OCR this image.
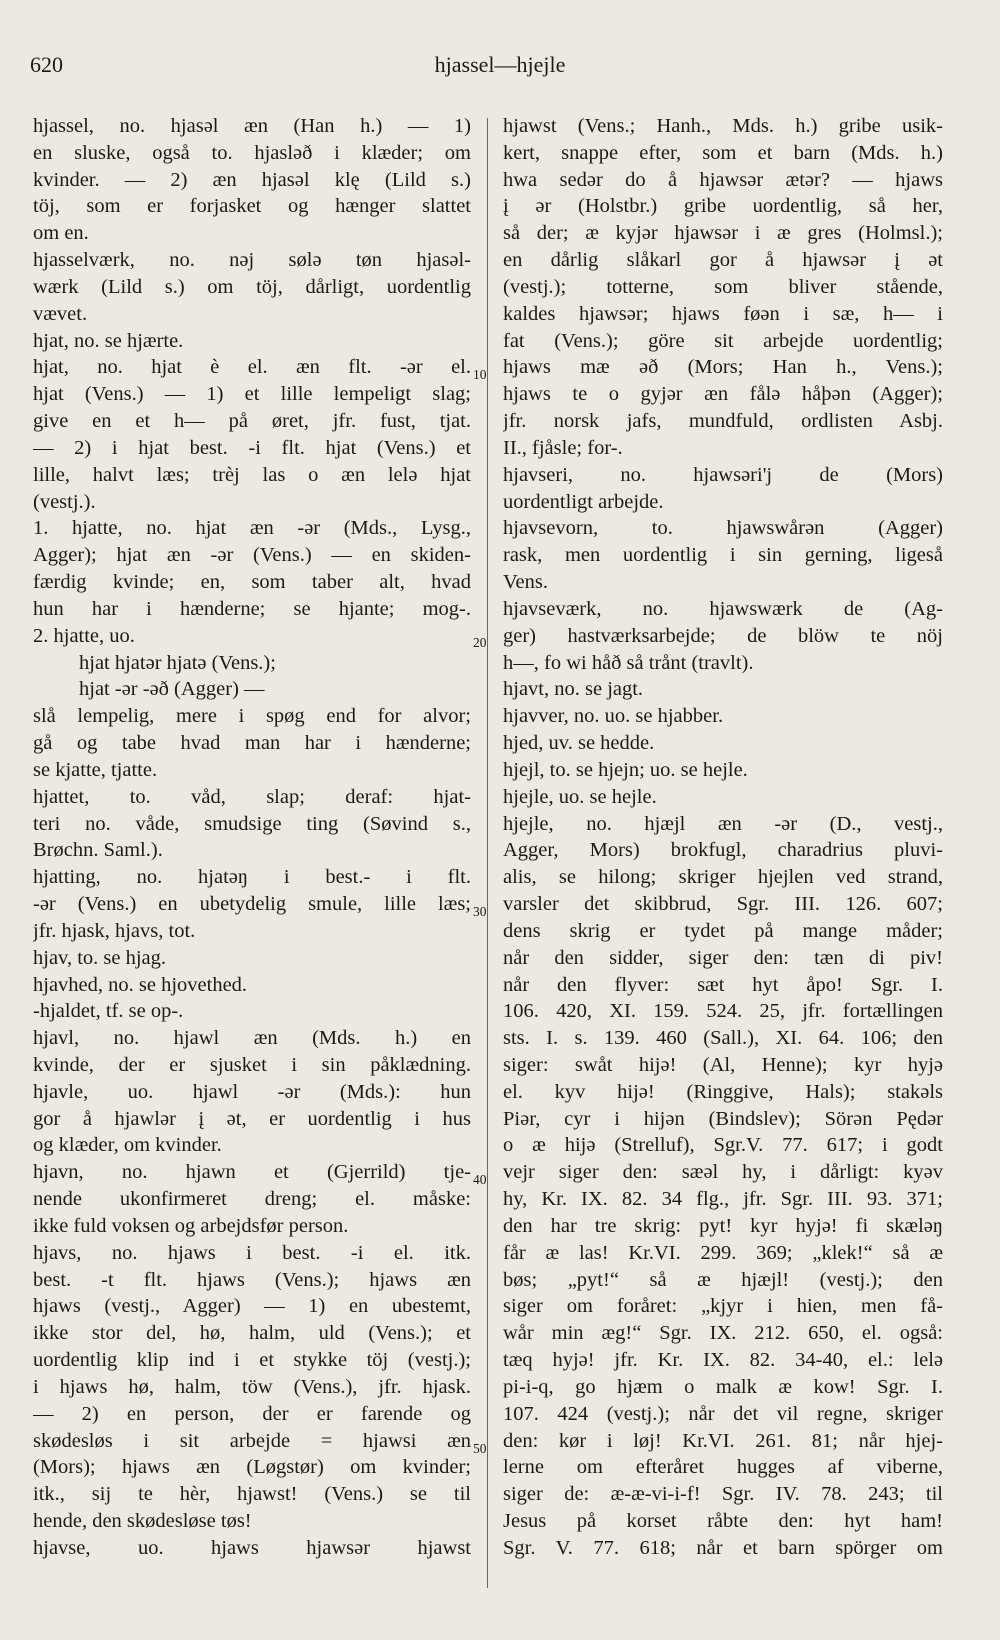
620	hjassel—hjejle
10
20
30
40
50
hjassel, no. hjasəl æn (Han h.) — 1)
en sluske, også to. hjasləð i klæder; om
kvinder. — 2) æn hjasəl klę (Lild s.)
töj, som er forjasket og hænger slattet
om en.
hjasselværk, no. nǝj sølǝ tøn hjasǝl-
wærk (Lild s.) om töj, dårligt, uordentlig
vævet.
hjat, no. se hjærte.
hjat, no. hjat è el. æn flt. -ər el.
hjat (Vens.) — 1) et lille lempeligt slag;
give en et h— på øret, jfr. fust, tjat.
— 2) i hjat best. -i flt. hjat (Vens.) et
lille, halvt læs; trèj las o æn lelə hjat
(vestj.).
1. hjatte, no. hjat æn -ər (Mds., Lysg.,
Agger); hjat æn -ər (Vens.) — en skiden-
færdig kvinde; en, som taber alt, hvad
hun har i hænderne; se hjante; mog-.
2. hjatte, uo.
hjat hjatər hjatə (Vens.);
hjat -ər -əð (Agger) —
slå lempelig, mere i spøg end for alvor;
gå og tabe hvad man har i hænderne;
se kjatte, tjatte.
hjattet, to. våd, slap; deraf: hjat-
teri no. våde, smudsige ting (Søvind s.,
Brøchn. Saml.).
hjatting, no. hjatəŋ i best.- i flt.
-ər (Vens.) en ubetydelig smule, lille læs;
jfr. hjask, hjavs, tot.
hjav, to. se hjag.
hjavhed, no. se hjovethed.
-hjaldet, tf. se op-.
hjavl, no. hjawl æn (Mds. h.) en
kvinde, der er sjusket i sin påklædning.
hjavle, uo. hjawl -ər (Mds.): hun
gor å hjawlər į ət, er uordentlig i hus
og klæder, om kvinder.
hjavn, no. hjawn et (Gjerrild) tje-
nende ukonfirmeret dreng; el. måske:
ikke fuld voksen og arbejdsfør person.
hjavs, no. hjaws i best. -i el. itk.
best. -t flt. hjaws (Vens.); hjaws æn
hjaws (vestj., Agger) — 1) en ubestemt,
ikke stor del, hø, halm, uld (Vens.); et
uordentlig klip ind i et stykke töj (vestj.);
i hjaws hø, halm, töw (Vens.), jfr. hjask.
— 2) en person, der er farende og
skødesløs i sit arbejde = hjawsi æn
(Mors); hjaws æn (Løgstør) om kvinder;
itk., sij te hèr, hjawst! (Vens.) se til
hende, den skødesløse tøs!
hjavse, uo. hjaws hjawsər hjawst
hjawst (Vens.; Hanh., Mds. h.) gribe usik-
kert, snappe efter, som et barn (Mds. h.)
hwa sedər do å hjawsər ætər? — hjaws
į ər (Holstbr.) gribe uordentlig, så her,
så der; æ kyjər hjawsər i æ gres (Holmsl.);
en dårlig slåkarl gor å hjawsər į ət
(vestj.); totterne, som bliver stående,
kaldes hjawsər; hjaws føən i sæ, h— i
fat (Vens.); göre sit arbejde uordentlig;
hjaws mæ əð (Mors; Han h., Vens.);
hjaws te o gyjər æn fålə håþən (Agger);
jfr. norsk jafs, mundfuld, ordlisten Asbj.
II., fjåsle; for-.
hjavseri, no. hjawsəri'j de (Mors)
uordentligt arbejde.
hjavsevorn, to. hjawswårən (Agger)
rask, men uordentlig i sin gerning, ligeså
Vens.
hjavseværk, no. hjawswærk de (Ag-
ger) hastværksarbejde; de blöw te nöj
h—, fo wi håð så trånt (travlt).
hjavt, no. se jagt.
hjavver, no. uo. se hjabber.
hjed, uv. se hedde.
hjejl, to. se hjejn; uo. se hejle.
hjejle, uo. se hejle.
hjejle, no. hjæjl æn -ər (D., vestj.,
Agger, Mors) brokfugl, charadrius pluvi-
alis, se hilong; skriger hjejlen ved strand,
varsler det skibbrud, Sgr. III. 126. 607;
dens skrig er tydet på mange måder;
når den sidder, siger den: tæn di piv!
når den flyver: sæt hyt åpo! Sgr. I.
106. 420, XI. 159. 524. 25, jfr. fortællingen
sts. I. s. 139. 460 (Sall.), XI. 64. 106; den
siger: swåt hijə! (Al, Henne); kyr hyjə
el. kyv hijə! (Ringgive, Hals); stakəls
Piər, cyr i hijən (Bindslev); Sörən Pędər
o æ hijə (Strelluf), Sgr.V. 77. 617; i godt
vejr siger den: sæəl hy, i dårligt: kyəv
hy, Kr. IX. 82. 34 flg., jfr. Sgr. III. 93. 371;
den har tre skrig: pyt! kyr hyjə! fi skæləŋ
får æ las! Kr.VI. 299. 369; „klek!“ så æ
bøs; „pyt!“ så æ hjæjl! (vestj.); den
siger om foråret: „kjyr i hien, men få-
wår min æg!“ Sgr. IX. 212. 650, el. også:
tæq hyjə! jfr. Kr. IX. 82. 34-40, el.: lelə
pi-i-q, go hjæm o malk æ kow! Sgr. I.
107. 424 (vestj.); når det vil regne, skriger
den: kør i løj! Kr.VI. 261. 81; når hjej-
lerne om efteråret hugges af viberne,
siger de: æ-æ-vi-i-f! Sgr. IV. 78. 243; til
Jesus på korset råbte den: hyt ham!
Sgr. V. 77. 618; når et barn spörger om
